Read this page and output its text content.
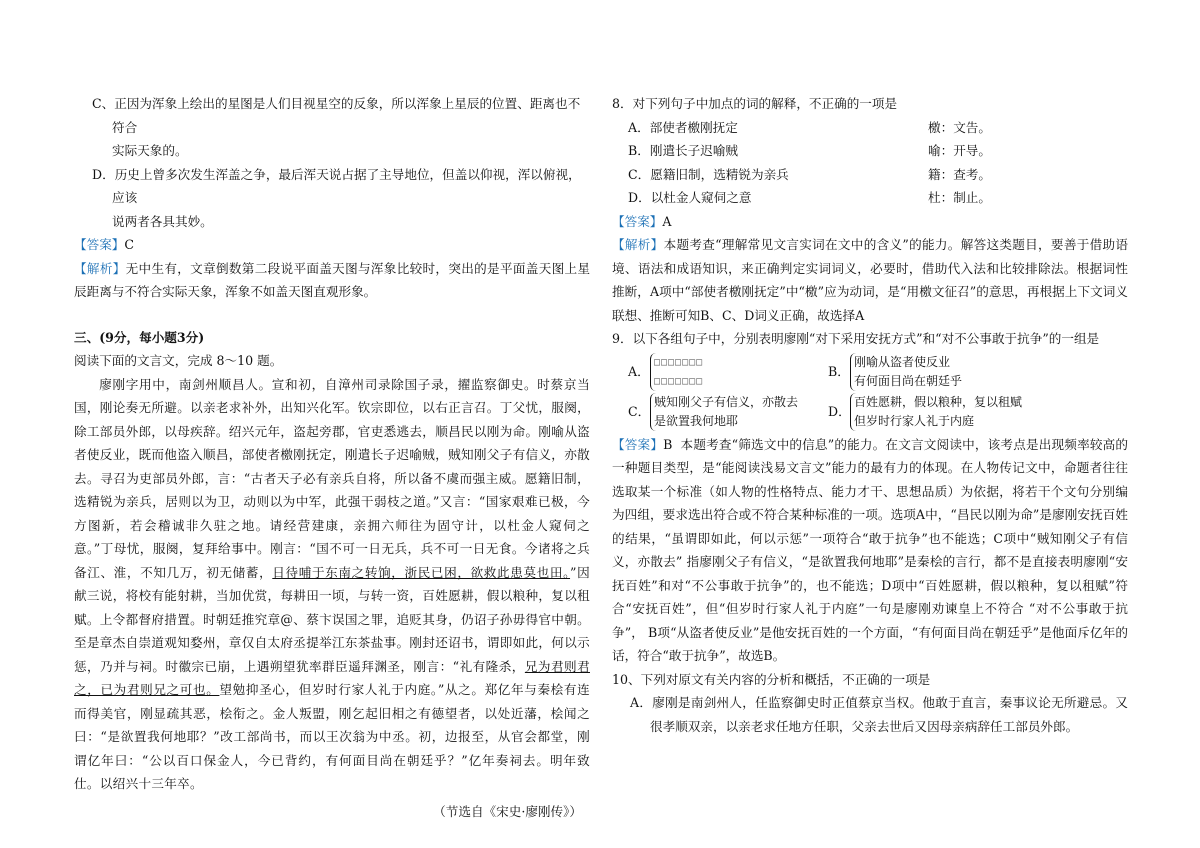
C、正因为浑象上绘出的星图是人们目视星空的反象，所以浑象上星辰的位置、距离也不符合

实际天象的。

D．历史上曾多次发生浑盖之争，最后浑天说占据了主导地位，但盖以仰视，浑以俯视，应该

说两者各具其妙。

【答案】C

【解析】无中生有，文章倒数第二段说平面盖天图与浑象比较时，突出的是平面盖天图上星辰距离与不符合实际天象，浑象不如盖天图直观形象。

三、(9分，每小题3分)

阅读下面的文言文，完成 8～10 题。

廖刚字用中，南剑州顺昌人。宣和初，自漳州司录除国子录，擢监察御史。时蔡京当国，刚论奏无所避。以亲老求补外，出知兴化军。钦宗即位，以右正言召。丁父忧，服阕，除工部员外郎，以母疾辞。绍兴元年，盗起旁郡，官吏悉逃去，顺昌民以刚为命。刚喻从盗者使反业，既而他盗入顺昌，部使者檄刚抚定，刚遣长子迟喻贼，贼知刚父子有信义，亦散去。寻召为吏部员外郎，言：“古者天子必有亲兵自将，所以备不虞而强主威。愿籍旧制，选精锐为亲兵，居则以为卫，动则以为中军，此强干弱枝之道。”又言：“国家艰难已极，今方图新，若会稽诚非久驻之地。请经营建康，亲拥六师往为固守计，以杜金人窥伺之意。”丁母忧，服阕，复拜给事中。刚言：“国不可一日无兵，兵不可一日无食。今诸将之兵备江、淮，不知几万，初无储蓄，日待哺于东南之转饷，浙民已困，欲救此患莫也田。”因献三说，将校有能射耕，当加优赏，每耕田一顷，与转一资，百姓愿耕，假以粮种，复以租赋。上令都督府措置。时朝廷推究章@、蔡卞误国之罪，追贬其身，仍诏子孙毋得官中朝。至是章杰自崇道观知婺州，章仅自太府丞提举江东茶盐事。刚封还诏书，谓即如此，何以示惩，乃并与祠。时徽宗已崩，上遇朔望犹率群臣遥拜渊圣，刚言：“礼有隆杀，兄为君则君之，已为君则兄之可也。望勉抑圣心，但岁时行家人礼于内庭。”从之。郑亿年与秦桧有连而得美官，刚显疏其恶，桧衔之。金人叛盟，刚乞起旧相之有德望者，以处近藩，桧闻之曰：“是欲置我何地耶？”改工部尚书，而以王次翁为中丞。初，边报至，从官会都堂，刚谓亿年曰：“公以百口保金人，今已背约，有何面目尚在朝廷乎？”亿年奏祠去。明年致仕。以绍兴十三年卒。

（节选自《宋史·廖刚传》）

8．对下列句子中加点的词的解释，不正确的一项是

A．部使者檄刚抚定	檄：文告。
B．刚遣长子迟喻贼	喻：开导。
C．愿籍旧制，选精锐为亲兵	籍：查考。
D．以杜金人窥伺之意	杜：制止。

【答案】A

【解析】本题考查“理解常见文言实词在文中的含义”的能力。解答这类题目，要善于借助语境、语法和成语知识，来正确判定实词词义，必要时，借助代入法和比较排除法。根据词性推断，A项中“部使者檄刚抚定”中“檄”应为动词，是“用檄文征召”的意思，再根据上下文词义联想、推断可知B、C、D词义正确，故选择A

9．以下各组句子中，分别表明廖刚“对下采用安抚方式”和“对不公事敢于抗争”的一组是

A．
□□□□□□□
□□□□□□□
B．
刚喻从盗者使反业
有何面目尚在朝廷乎
C．
贼知刚父子有信义，亦散去
是欲置我何地耶
D．
百姓愿耕，假以粮种，复以租赋
但岁时行家人礼于内庭

【答案】B 本题考查“筛选文中的信息”的能力。在文言文阅读中，该考点是出现频率较高的一种题目类型，是“能阅读浅易文言文”能力的最有力的体现。在人物传记文中，命题者往往选取某一个标准（如人物的性格特点、能力才干、思想品质）为依据，将若干个文句分别编为四组，要求选出符合或不符合某种标准的一项。选项A中，“昌民以刚为命”是廖刚安抚百姓的结果，“虽谓即如此，何以示惩”一项符合“敢于抗争”也不能选；C项中“贼知刚父子有信义，亦散去” 指廖刚父子有信义，“是欲置我何地耶”是秦桧的言行，都不是直接表明廖刚“安抚百姓”和对“不公事敢于抗争”的，也不能选；D项中“百姓愿耕，假以粮种，复以租赋”符合“安抚百姓”，但“但岁时行家人礼于内庭”一句是廖刚劝谏皇上不符合 “对不公事敢于抗争”， B项“从盗者使反业”是他安抚百姓的一个方面，“有何面目尚在朝廷乎”是他面斥亿年的话，符合“敢于抗争”，故选B。

10、下列对原文有关内容的分析和概括，不正确的一项是

A．廖刚是南剑州人，任监察御史时正值蔡京当权。他敢于直言，秦事议论无所避忌。又很孝顺双亲，以亲老求任地方任职，父亲去世后又因母亲病辞任工部员外郎。
